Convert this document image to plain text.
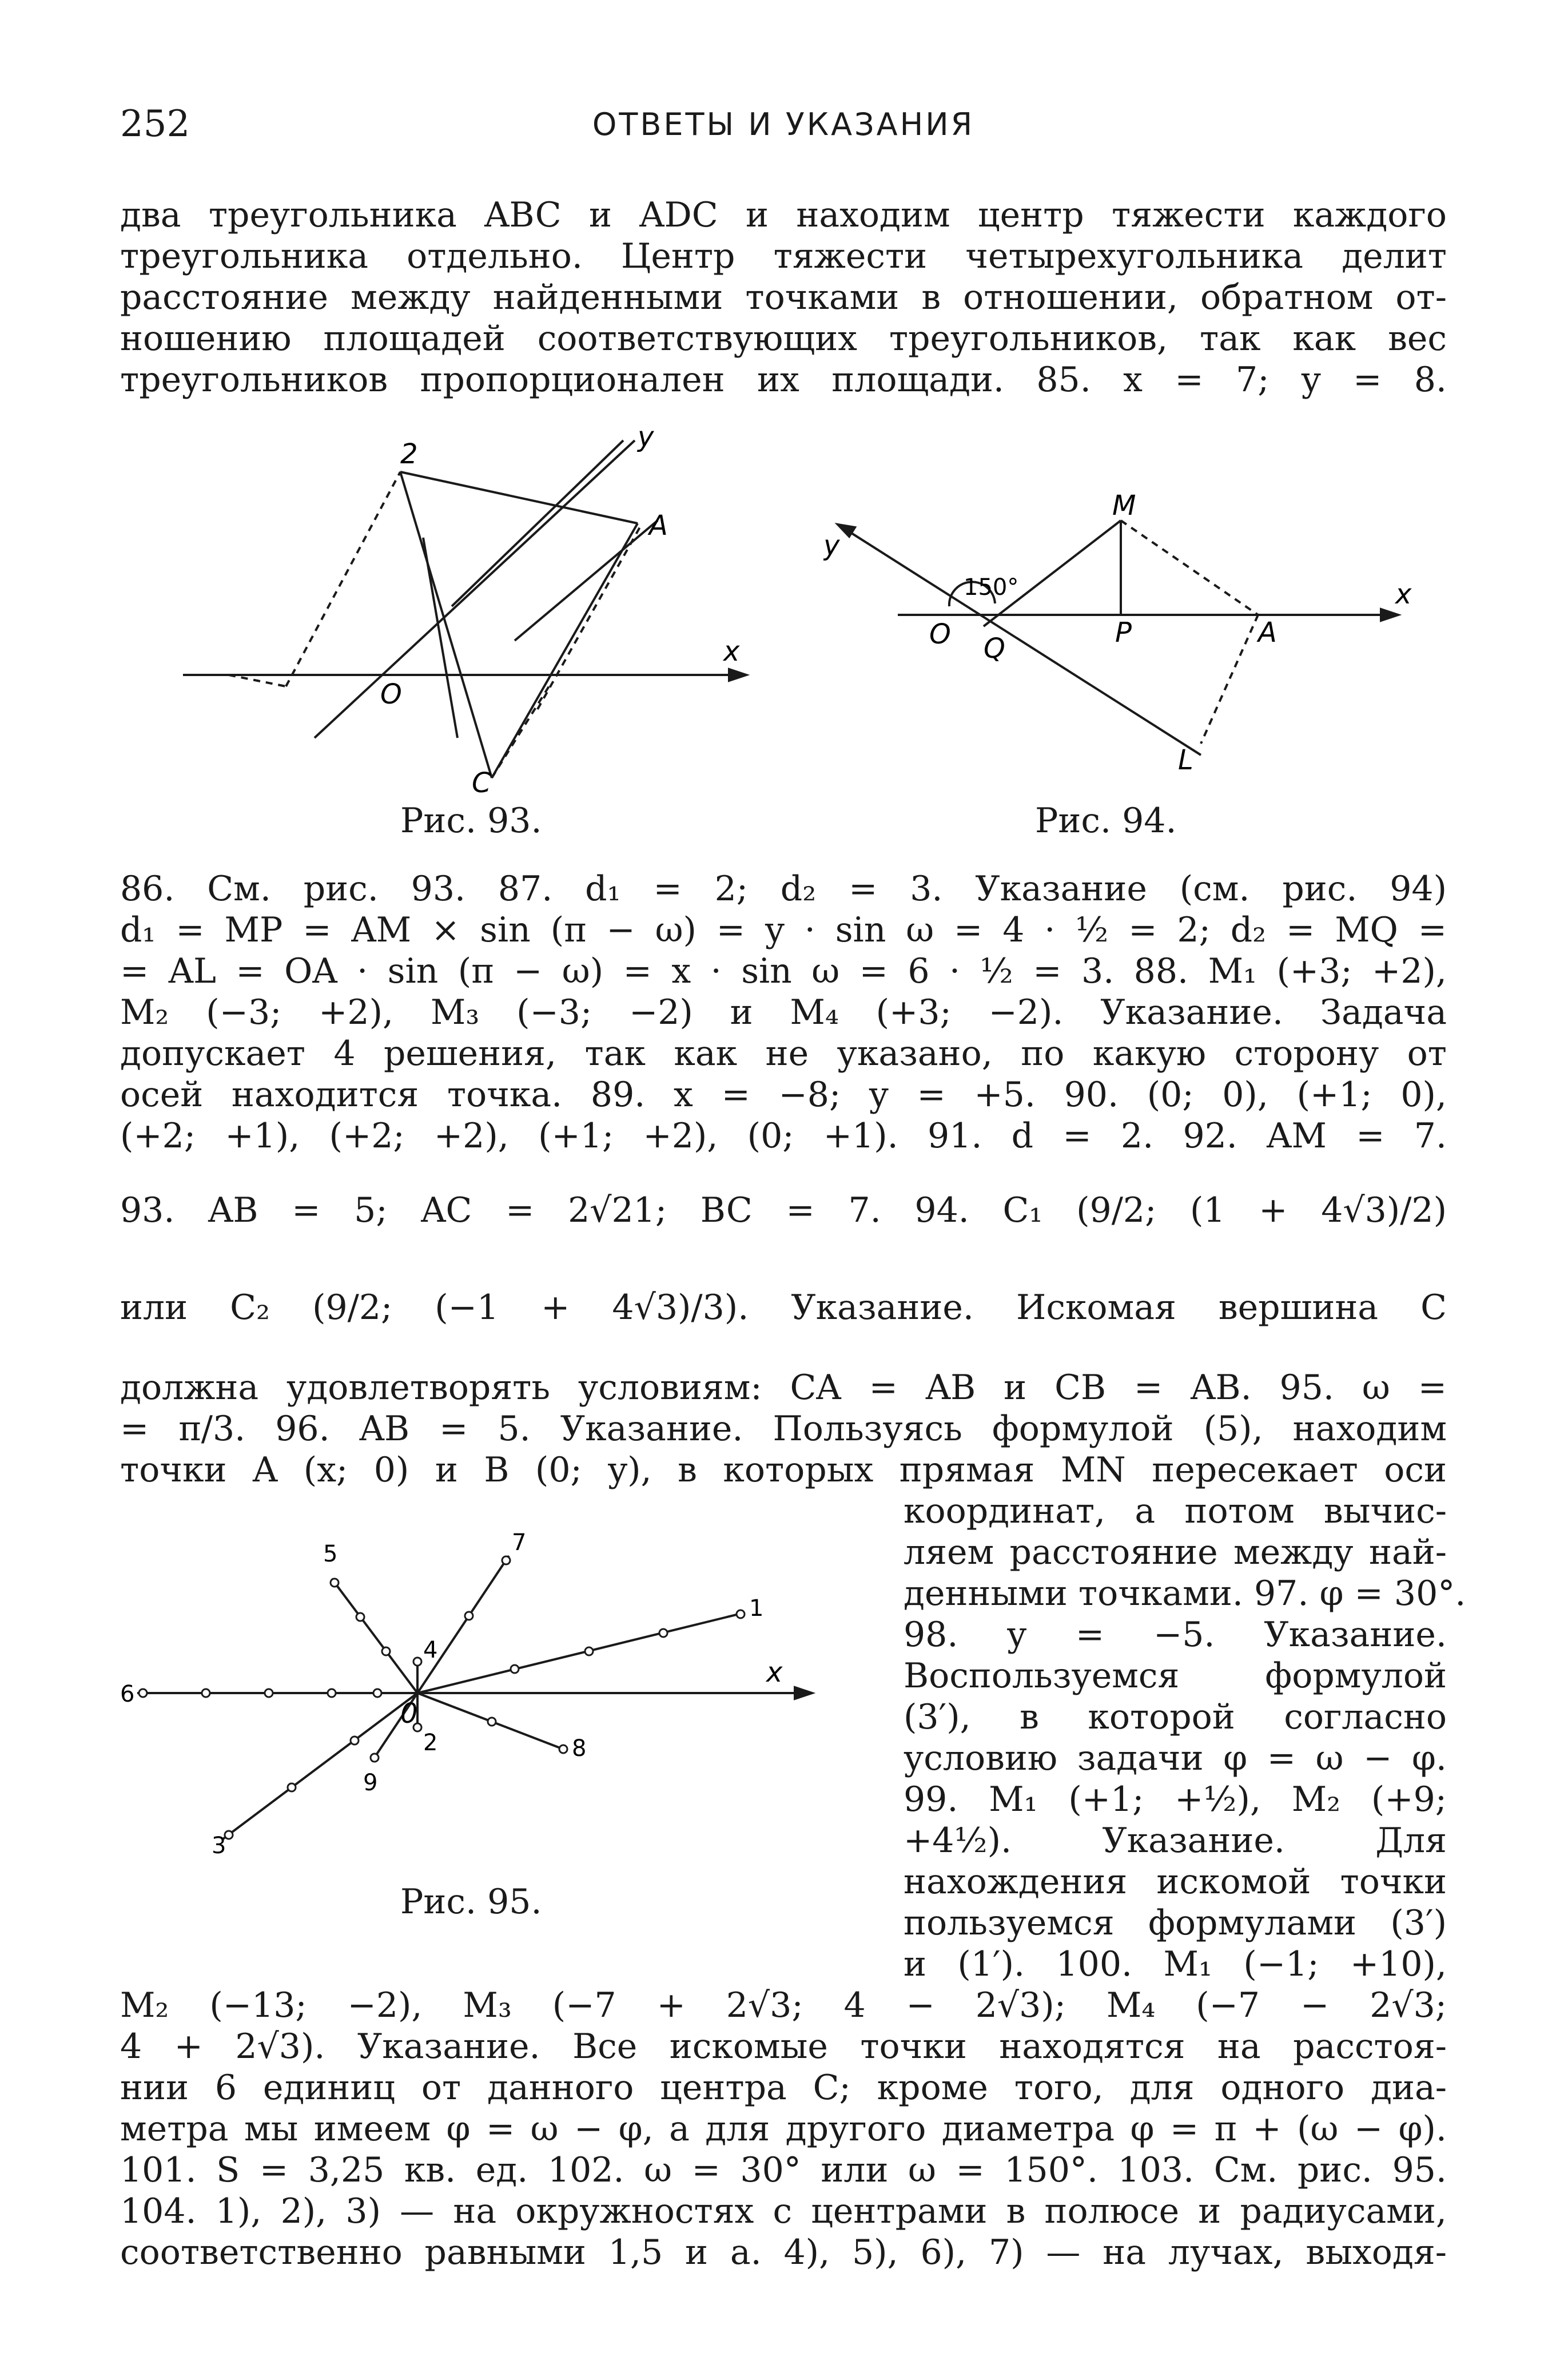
252	ОТВЕТЫ И УКАЗАНИЯ
два треугольника ABC и ADC и находим центр тяжести каждого
треугольника отдельно. Центр тяжести четырехугольника делит
расстояние между найденными точками в отношении, обратном от-
ношению площадей соответствующих треугольников, так как вес
треугольников пропорционален их площади. 85. x = 7; y = 8.
2
y
A
x
O
C
Рис. 93.
M
y
150°	x
O	P	A
Q
L
Рис. 94.
86. См. рис. 93. 87. d₁ = 2; d₂ = 3. Указание (см. рис. 94)
d₁ = MP = AM × sin (π − ω) = y · sin ω = 4 · ½ = 2; d₂ = MQ =
= AL = OA · sin (π − ω) = x · sin ω = 6 · ½ = 3. 88. M₁ (+3; +2),
M₂ (−3; +2), M₃ (−3; −2) и M₄ (+3; −2). Указание. Задача
допускает 4 решения, так как не указано, по какую сторону от
осей находится точка. 89. x = −8; y = +5. 90. (0; 0), (+1; 0),
(+2; +1), (+2; +2), (+1; +2), (0; +1). 91. d = 2. 92. AM = 7.
93. AB = 5; AC = 2√21; BC = 7. 94. C₁ (9/2; (1 + 4√3)/2)
или C₂ (9/2; (−1 + 4√3)/3). Указание. Искомая вершина C
должна удовлетворять условиям: CA = AB и CB = AB. 95. ω =
= π/3. 96. AB = 5. Указание. Пользуясь формулой (5), находим
точки A (x; 0) и B (0; y), в которых прямая MN пересекает оси
координат, а потом вычис-
ляем расстояние между най-
денными точками. 97. φ = 30°.
98. y = −5. Указание.
Воспользуемся формулой
(3′), в которой согласно
условию задачи φ = ω − φ.
99. M₁ (+1; +½), M₂ (+9;
+4½). Указание. Для
нахождения искомой точки
пользуемся формулами (3′)
и (1′). 100. M₁ (−1; +10),
5	7
1
4
x
6
0
2	8
9
3
Рис. 95.
M₂ (−13; −2), M₃ (−7 + 2√3; 4 − 2√3); M₄ (−7 − 2√3;
4 + 2√3). Указание. Все искомые точки находятся на расстоя-
нии 6 единиц от данного центра C; кроме того, для одного диа-
метра мы имеем φ = ω − φ, а для другого диаметра φ = π + (ω − φ).
101. S = 3,25 кв. ед. 102. ω = 30° или ω = 150°. 103. См. рис. 95.
104. 1), 2), 3) — на окружностях с центрами в полюсе и радиусами,
соответственно равными 1,5 и a. 4), 5), 6), 7) — на лучах, выходя-
